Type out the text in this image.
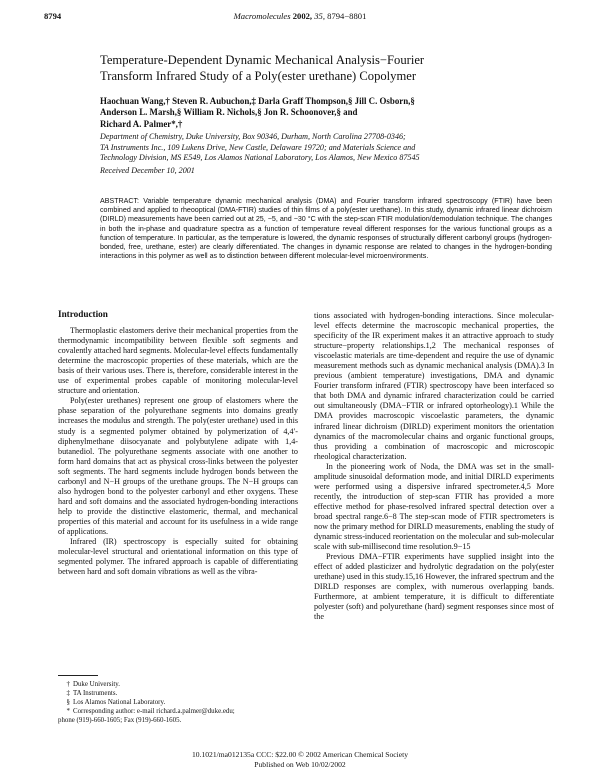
8794	Macromolecules 2002, 35, 8794−8801
Temperature-Dependent Dynamic Mechanical Analysis−Fourier
Transform Infrared Study of a Poly(ester urethane) Copolymer
Haochuan Wang,† Steven R. Aubuchon,‡ Darla Graff Thompson,§ Jill C. Osborn,§
Anderson L. Marsh,§ William R. Nichols,§ Jon R. Schoonover,§ and
Richard A. Palmer*,†
Department of Chemistry, Duke University, Box 90346, Durham, North Carolina 27708-0346;
TA Instruments Inc., 109 Lukens Drive, New Castle, Delaware 19720; and Materials Science and
Technology Division, MS E549, Los Alamos National Laboratory, Los Alamos, New Mexico 87545
Received December 10, 2001

ABSTRACT: Variable temperature dynamic mechanical analysis (DMA) and Fourier transform infrared spectroscopy (FTIR) have been combined and applied to rheooptical (DMA-FTIR) studies of thin films of a poly(ester urethane). In this study, dynamic infrared linear dichroism (DIRLD) measurements have been carried out at 25, −5, and −30 °C with the step-scan FTIR modulation/demodulation technique. The changes in both the in-phase and quadrature spectra as a function of temperature reveal different responses for the various functional groups as a function of temperature. In particular, as the temperature is lowered, the dynamic responses of structurally different carbonyl groups (hydrogen-bonded, free, urethane, ester) are clearly differentiated. The changes in dynamic response are related to changes in the hydrogen-bonding interactions in this polymer as well as to distinction between different molecular-level microenvironments.

Introduction

Thermoplastic elastomers derive their mechanical properties from the thermodynamic incompatibility between flexible soft segments and covalently attached hard segments. Molecular-level effects fundamentally determine the macroscopic properties of these materials, which are the basis of their various uses. There is, therefore, considerable interest in the use of experimental probes capable of monitoring molecular-level structure and orientation.

Poly(ester urethanes) represent one group of elastomers where the phase separation of the polyurethane segments into domains greatly increases the modulus and strength. The poly(ester urethane) used in this study is a segmented polymer obtained by polymerization of 4,4′-diphenylmethane diisocyanate and polybutylene adipate with 1,4-butanediol. The polyurethane segments associate with one another to form hard domains that act as physical cross-links between the polyester soft segments. The hard segments include hydrogen bonds between the carbonyl and N−H groups of the urethane groups. The N−H groups can also hydrogen bond to the polyester carbonyl and ether oxygens. These hard and soft domains and the associated hydrogen-bonding interactions help to provide the distinctive elastomeric, thermal, and mechanical properties of this material and account for its usefulness in a wide range of applications.

Infrared (IR) spectroscopy is especially suited for obtaining molecular-level structural and orientational information on this type of segmented polymer. The infrared approach is capable of differentiating between hard and soft domain vibrations as well as the vibra-

tions associated with hydrogen-bonding interactions. Since molecular-level effects determine the macroscopic mechanical properties, the specificity of the IR experiment makes it an attractive approach to study structure−property relationships.1,2 The mechanical responses of viscoelastic materials are time-dependent and require the use of dynamic measurement methods such as dynamic mechanical analysis (DMA).3 In previous (ambient temperature) investigations, DMA and dynamic Fourier transform infrared (FTIR) spectroscopy have been interfaced so that both DMA and dynamic infrared characterization could be carried out simultaneously (DMA−FTIR or infrared optorheology).1 While the DMA provides macroscopic viscoelastic parameters, the dynamic infrared linear dichroism (DIRLD) experiment monitors the orientation dynamics of the macromolecular chains and organic functional groups, thus providing a combination of macroscopic and microscopic rheological characterization.

In the pioneering work of Noda, the DMA was set in the small-amplitude sinusoidal deformation mode, and initial DIRLD experiments were performed using a dispersive infrared spectrometer.4,5 More recently, the introduction of step-scan FTIR has provided a more effective method for phase-resolved infrared spectral detection over a broad spectral range.6−8 The step-scan mode of FTIR spectrometers is now the primary method for DIRLD measurements, enabling the study of dynamic stress-induced reorientation on the molecular and sub-molecular scale with sub-millisecond time resolution.9−15

Previous DMA−FTIR experiments have supplied insight into the effect of added plasticizer and hydrolytic degradation on the poly(ester urethane) used in this study.15,16 However, the infrared spectrum and the DIRLD responses are complex, with numerous overlapping bands. Furthermore, at ambient temperature, it is difficult to differentiate polyester (soft) and polyurethane (hard) segment responses since most of the

† Duke University.

‡ TA Instruments.

§ Los Alamos National Laboratory.

* Corresponding author: e-mail richard.a.palmer@duke.edu;

phone (919)-660-1605; Fax (919)-660-1605.

10.1021/ma012135a CCC: $22.00 © 2002 American Chemical Society
Published on Web 10/02/2002
